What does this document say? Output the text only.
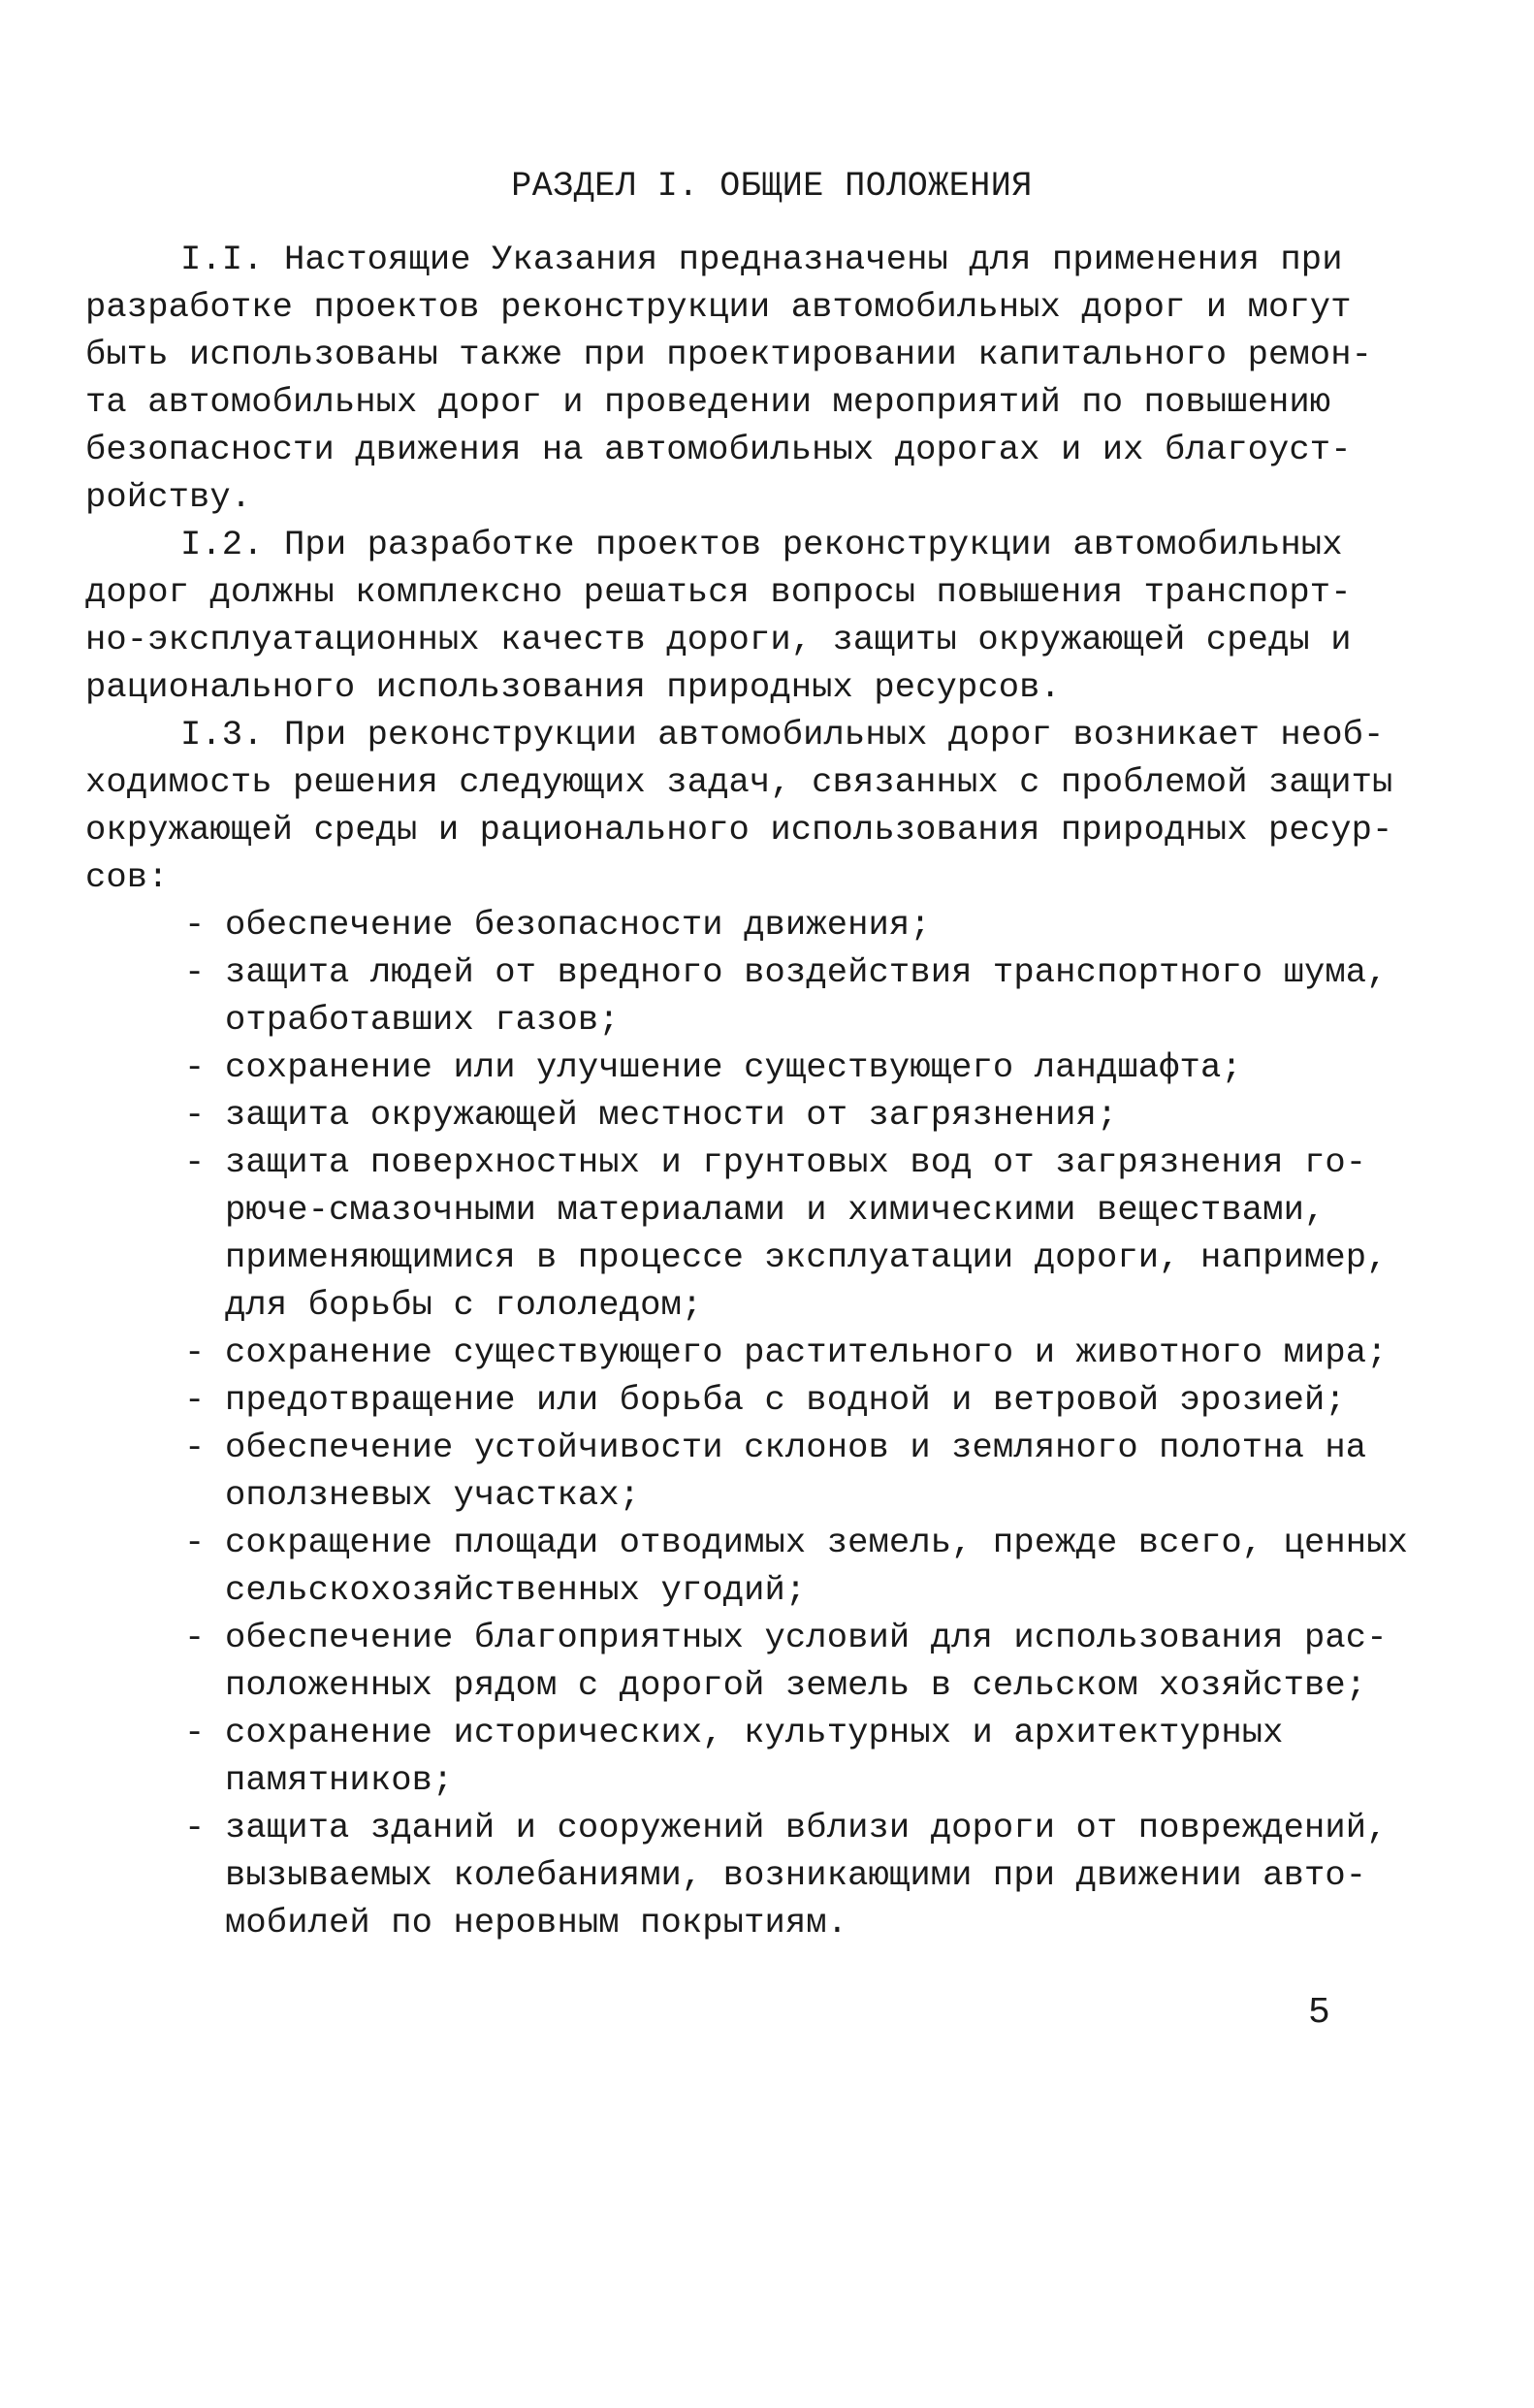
РАЗДЕЛ I. ОБЩИЕ ПОЛОЖЕНИЯ
I.I. Настоящие Указания предназначены для применения при
разработке проектов реконструкции автомобильных дорог и могут
быть использованы также при проектировании капитального ремон-
та автомобильных дорог и проведении мероприятий по повышению
безопасности движения на автомобильных дорогах и их благоуст-
ройству.
I.2. При разработке проектов реконструкции автомобильных
дорог должны комплексно решаться вопросы повышения транспорт-
но-эксплуатационных качеств дороги, защиты окружающей среды и
рационального использования природных ресурсов.
I.3. При реконструкции автомобильных дорог возникает необ-
ходимость решения следующих задач, связанных с проблемой защиты
окружающей среды и рационального использования природных ресур-
сов:
- обеспечение безопасности движения;
- защита людей от вредного воздействия транспортного шума,
отработавших газов;
- сохранение или улучшение существующего ландшафта;
- защита окружающей местности от загрязнения;
- защита поверхностных и грунтовых вод от загрязнения го-
рюче-смазочными материалами и химическими веществами,
применяющимися в процессе эксплуатации дороги, например,
для борьбы с гололедом;
- сохранение существующего растительного и животного мира;
- предотвращение или борьба с водной и ветровой эрозией;
- обеспечение устойчивости склонов и земляного полотна на
оползневых участках;
- сокращение площади отводимых земель, прежде всего, ценных
сельскохозяйственных угодий;
- обеспечение благоприятных условий для использования рас-
положенных рядом с дорогой земель в сельском хозяйстве;
- сохранение исторических, культурных и архитектурных
памятников;
- защита зданий и сооружений вблизи дороги от повреждений,
вызываемых колебаниями, возникающими при движении авто-
мобилей по неровным покрытиям.
5
